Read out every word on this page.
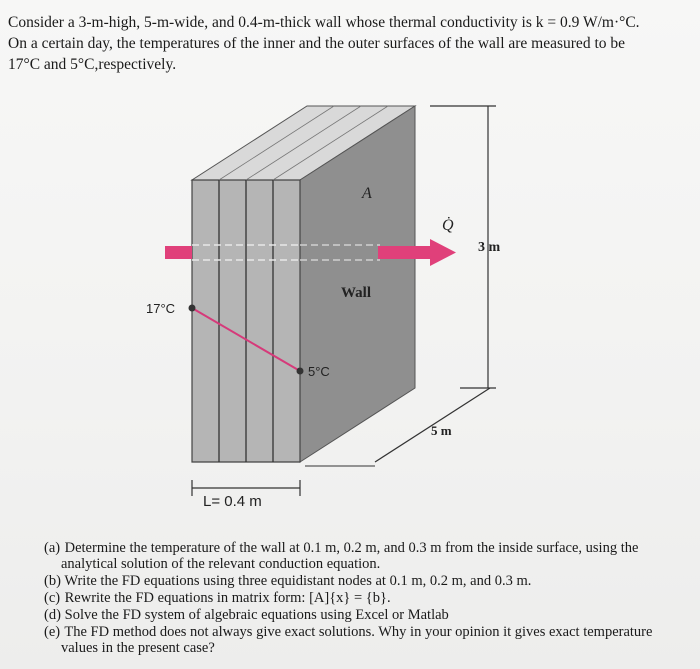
Consider a 3-m-high, 5-m-wide, and 0.4-m-thick wall whose thermal conductivity is k = 0.9 W/m·°C. On a certain day, the temperatures of the inner and the outer surfaces of the wall are measured to be 17°C and 5°C,respectively.

A
Q̇
3 m
5 m
Wall
17°C
5°C
L= 0.4 m
(a) Determine the temperature of the wall at 0.1 m, 0.2 m, and 0.3 m from the inside surface, using the analytical solution of the relevant conduction equation.
(b) Write the FD equations using three equidistant nodes at 0.1 m, 0.2 m, and 0.3 m.
(c) Rewrite the FD equations in matrix form: [A]{x} = {b}.
(d) Solve the FD system of algebraic equations using Excel or Matlab
(e) The FD method does not always give exact solutions. Why in your opinion it gives exact temperature values in the present case?
